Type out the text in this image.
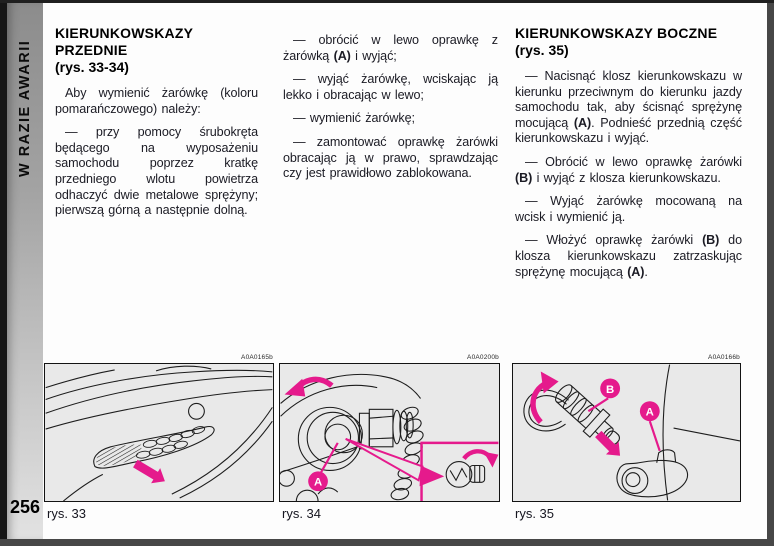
W RAZIE AWARII
256
KIERUNKOWSKAZY PRZEDNIE
(rys. 33-34)

Aby wymienić żarówkę (koloru pomarańczowego) należy:

— przy pomocy śrubokręta będącego na wyposażeniu samochodu poprzez kratkę przedniego wlotu powietrza odhaczyć dwie metalowe sprężyny; pierwszą górną a następnie dolną.

— obrócić w lewo oprawkę z żarówką (A) i wyjąć;

— wyjąć żarówkę, wciskając ją lekko i obracając w lewo;

— wymienić żarówkę;

— zamontować oprawkę żarówki obracając ją w prawo, sprawdzając czy jest prawidłowo zablokowana.

KIERUNKOWSKAZY BOCZNE
(rys. 35)

— Nacisnąć klosz kierunkowskazu w kierunku przeciwnym do kierunku jazdy samochodu tak, aby ścisnąć sprężynę mocującą (A). Podnieść przednią część kierunkowskazu i wyjąć.

— Obrócić w lewo oprawkę żarówki (B) i wyjąć z klosza kierunkowskazu.

— Wyjąć żarówkę mocowaną na wcisk i wymienić ją.

— Włożyć oprawkę żarówki (B) do klosza kierunkowskazu zatrzaskując sprężynę mocującą (A).

A0A0165b
rys. 33
A0A0200b
A
rys. 34
A0A0166b
B
A
rys. 35
